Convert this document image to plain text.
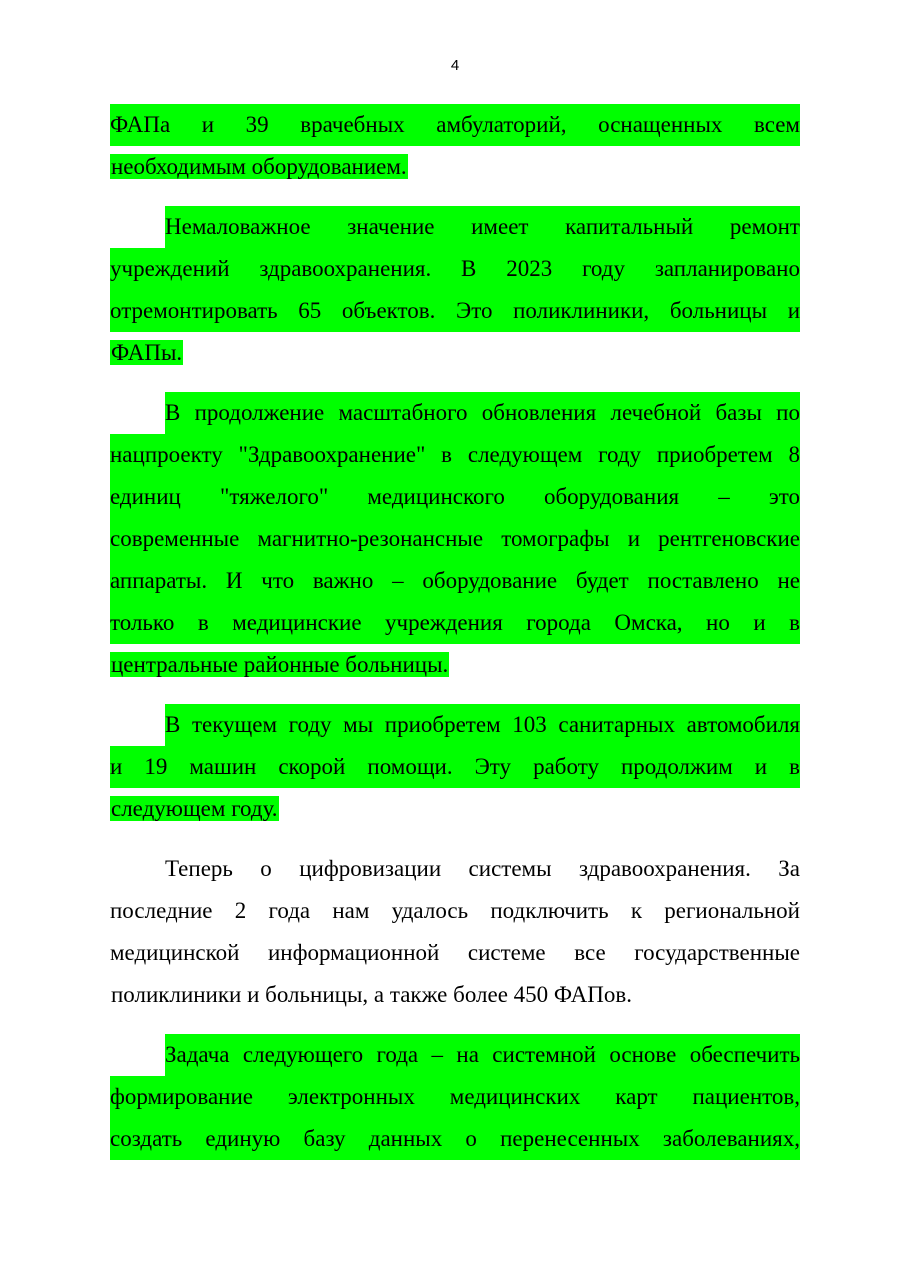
4
ФАПа и 39 врачебных амбулаторий, оснащенных всем
необходимым оборудованием.
Немаловажное значение имеет капитальный ремонт
учреждений здравоохранения. В 2023 году запланировано
отремонтировать 65 объектов. Это поликлиники, больницы и
ФАПы.
В продолжение масштабного обновления лечебной базы по
нацпроекту "Здравоохранение" в следующем году приобретем 8
единиц "тяжелого" медицинского оборудования – это
современные магнитно-резонансные томографы и рентгеновские
аппараты. И что важно – оборудование будет поставлено не
только в медицинские учреждения города Омска, но и в
центральные районные больницы.
В текущем году мы приобретем 103 санитарных автомобиля
и 19 машин скорой помощи. Эту работу продолжим и в
следующем году.
Теперь о цифровизации системы здравоохранения. За
последние 2 года нам удалось подключить к региональной
медицинской информационной системе все государственные
поликлиники и больницы, а также более 450 ФАПов.
Задача следующего года – на системной основе обеспечить
формирование электронных медицинских карт пациентов,
создать единую базу данных о перенесенных заболеваниях,
